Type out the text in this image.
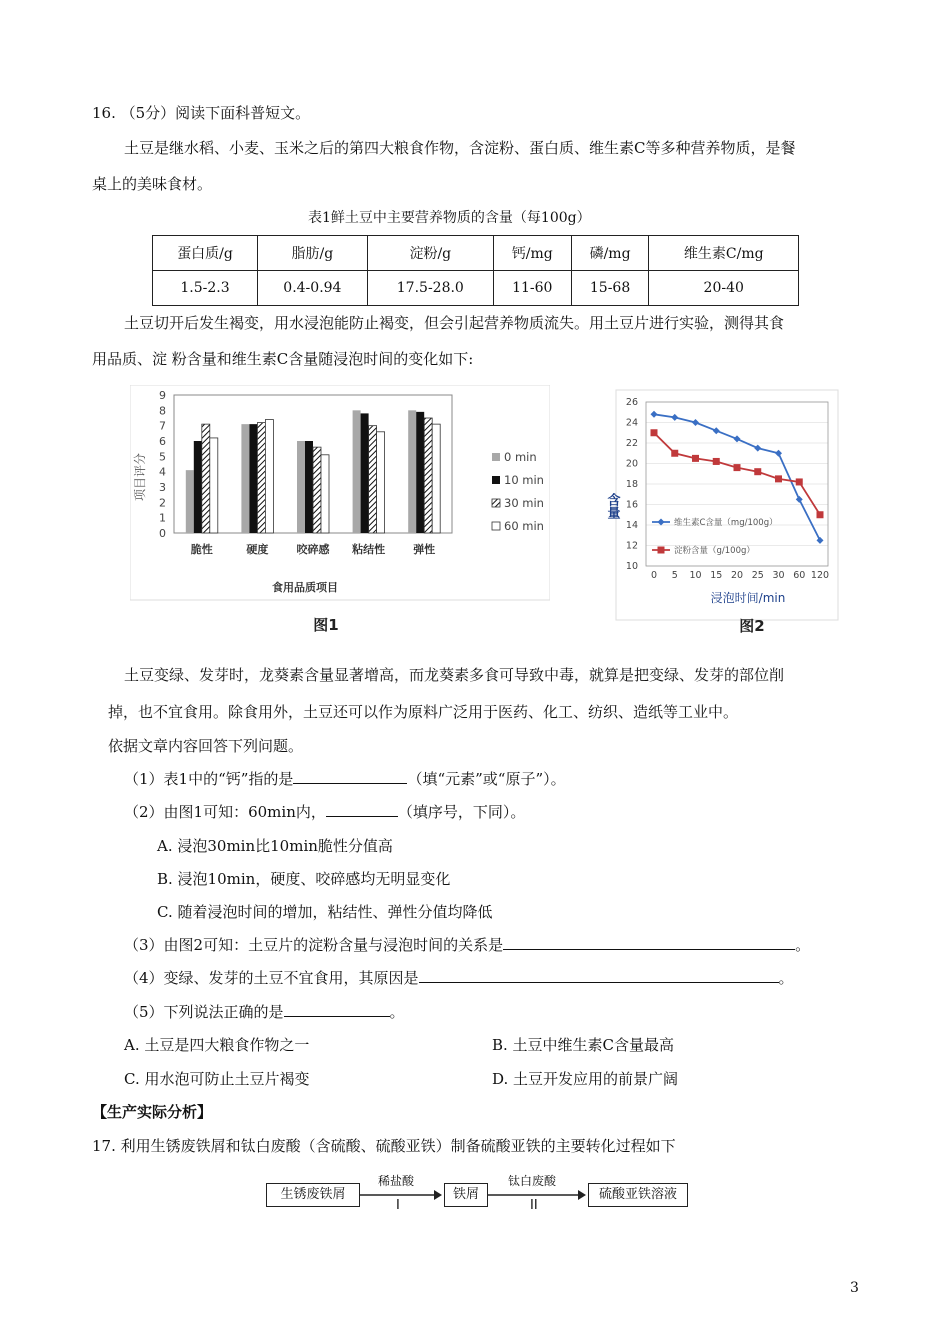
16. （5分）阅读下面科普短文。
土豆是继水稻、小麦、玉米之后的第四大粮食作物，含淀粉、蛋白质、维生素C等多种营养物质，是餐
桌上的美味食材。
表1鲜土豆中主要营养物质的含量（每100g）
蛋白质/g	脂肪/g	淀粉/g	钙/mg	磷/mg	维生素C/mg
1.5-2.3	0.4-0.94	17.5-28.0	11-60	15-68	20-40
土豆切开后发生褐变，用水浸泡能防止褐变，但会引起营养物质流失。用土豆片进行实验，测得其食
用品质、淀 粉含量和维生素C含量随浸泡时间的变化如下:
0
1
2
3
4
5
6
7
8
9
脆性	硬度	咬碎感 粘结性	弹性
0 min
10 min
30 min
60 min
项目评分
食用品质项目
图1
10
12
14
16
18
20
22
24
26
0 5 10 15 20 25 30 60 120
维生素C含量（mg/100g）
淀粉含量（g/100g）
含量
浸泡时间/min
图2
土豆变绿、发芽时，龙葵素含量显著增高，而龙葵素多食可导致中毒，就算是把变绿、发芽的部位削
掉，也不宜食用。除食用外，土豆还可以作为原料广泛用于医药、化工、纺织、造纸等工业中。
依据文章内容回答下列问题。
（1）表1中的“钙”指的是	（填“元素”或“原子”）。
（2）由图1可知：60min内，	（填序号，下同）。
A. 浸泡30min比10min脆性分值高
B. 浸泡10min，硬度、咬碎感均无明显变化
C. 随着浸泡时间的增加，粘结性、弹性分值均降低
（3）由图2可知：土豆片的淀粉含量与浸泡时间的关系是	。
（4）变绿、发芽的土豆不宜食用，其原因是	。
（5）下列说法正确的是	。
A. 土豆是四大粮食作物之一	B. 土豆中维生素C含量最高
C. 用水泡可防止土豆片褐变	D. 土豆开发应用的前景广阔
【生产实际分析】
17. 利用生锈废铁屑和钛白废酸（含硫酸、硫酸亚铁）制备硫酸亚铁的主要转化过程如下
生锈废铁屑
稀盐酸
I
铁屑
钛白废酸
II
硫酸亚铁溶液
3
